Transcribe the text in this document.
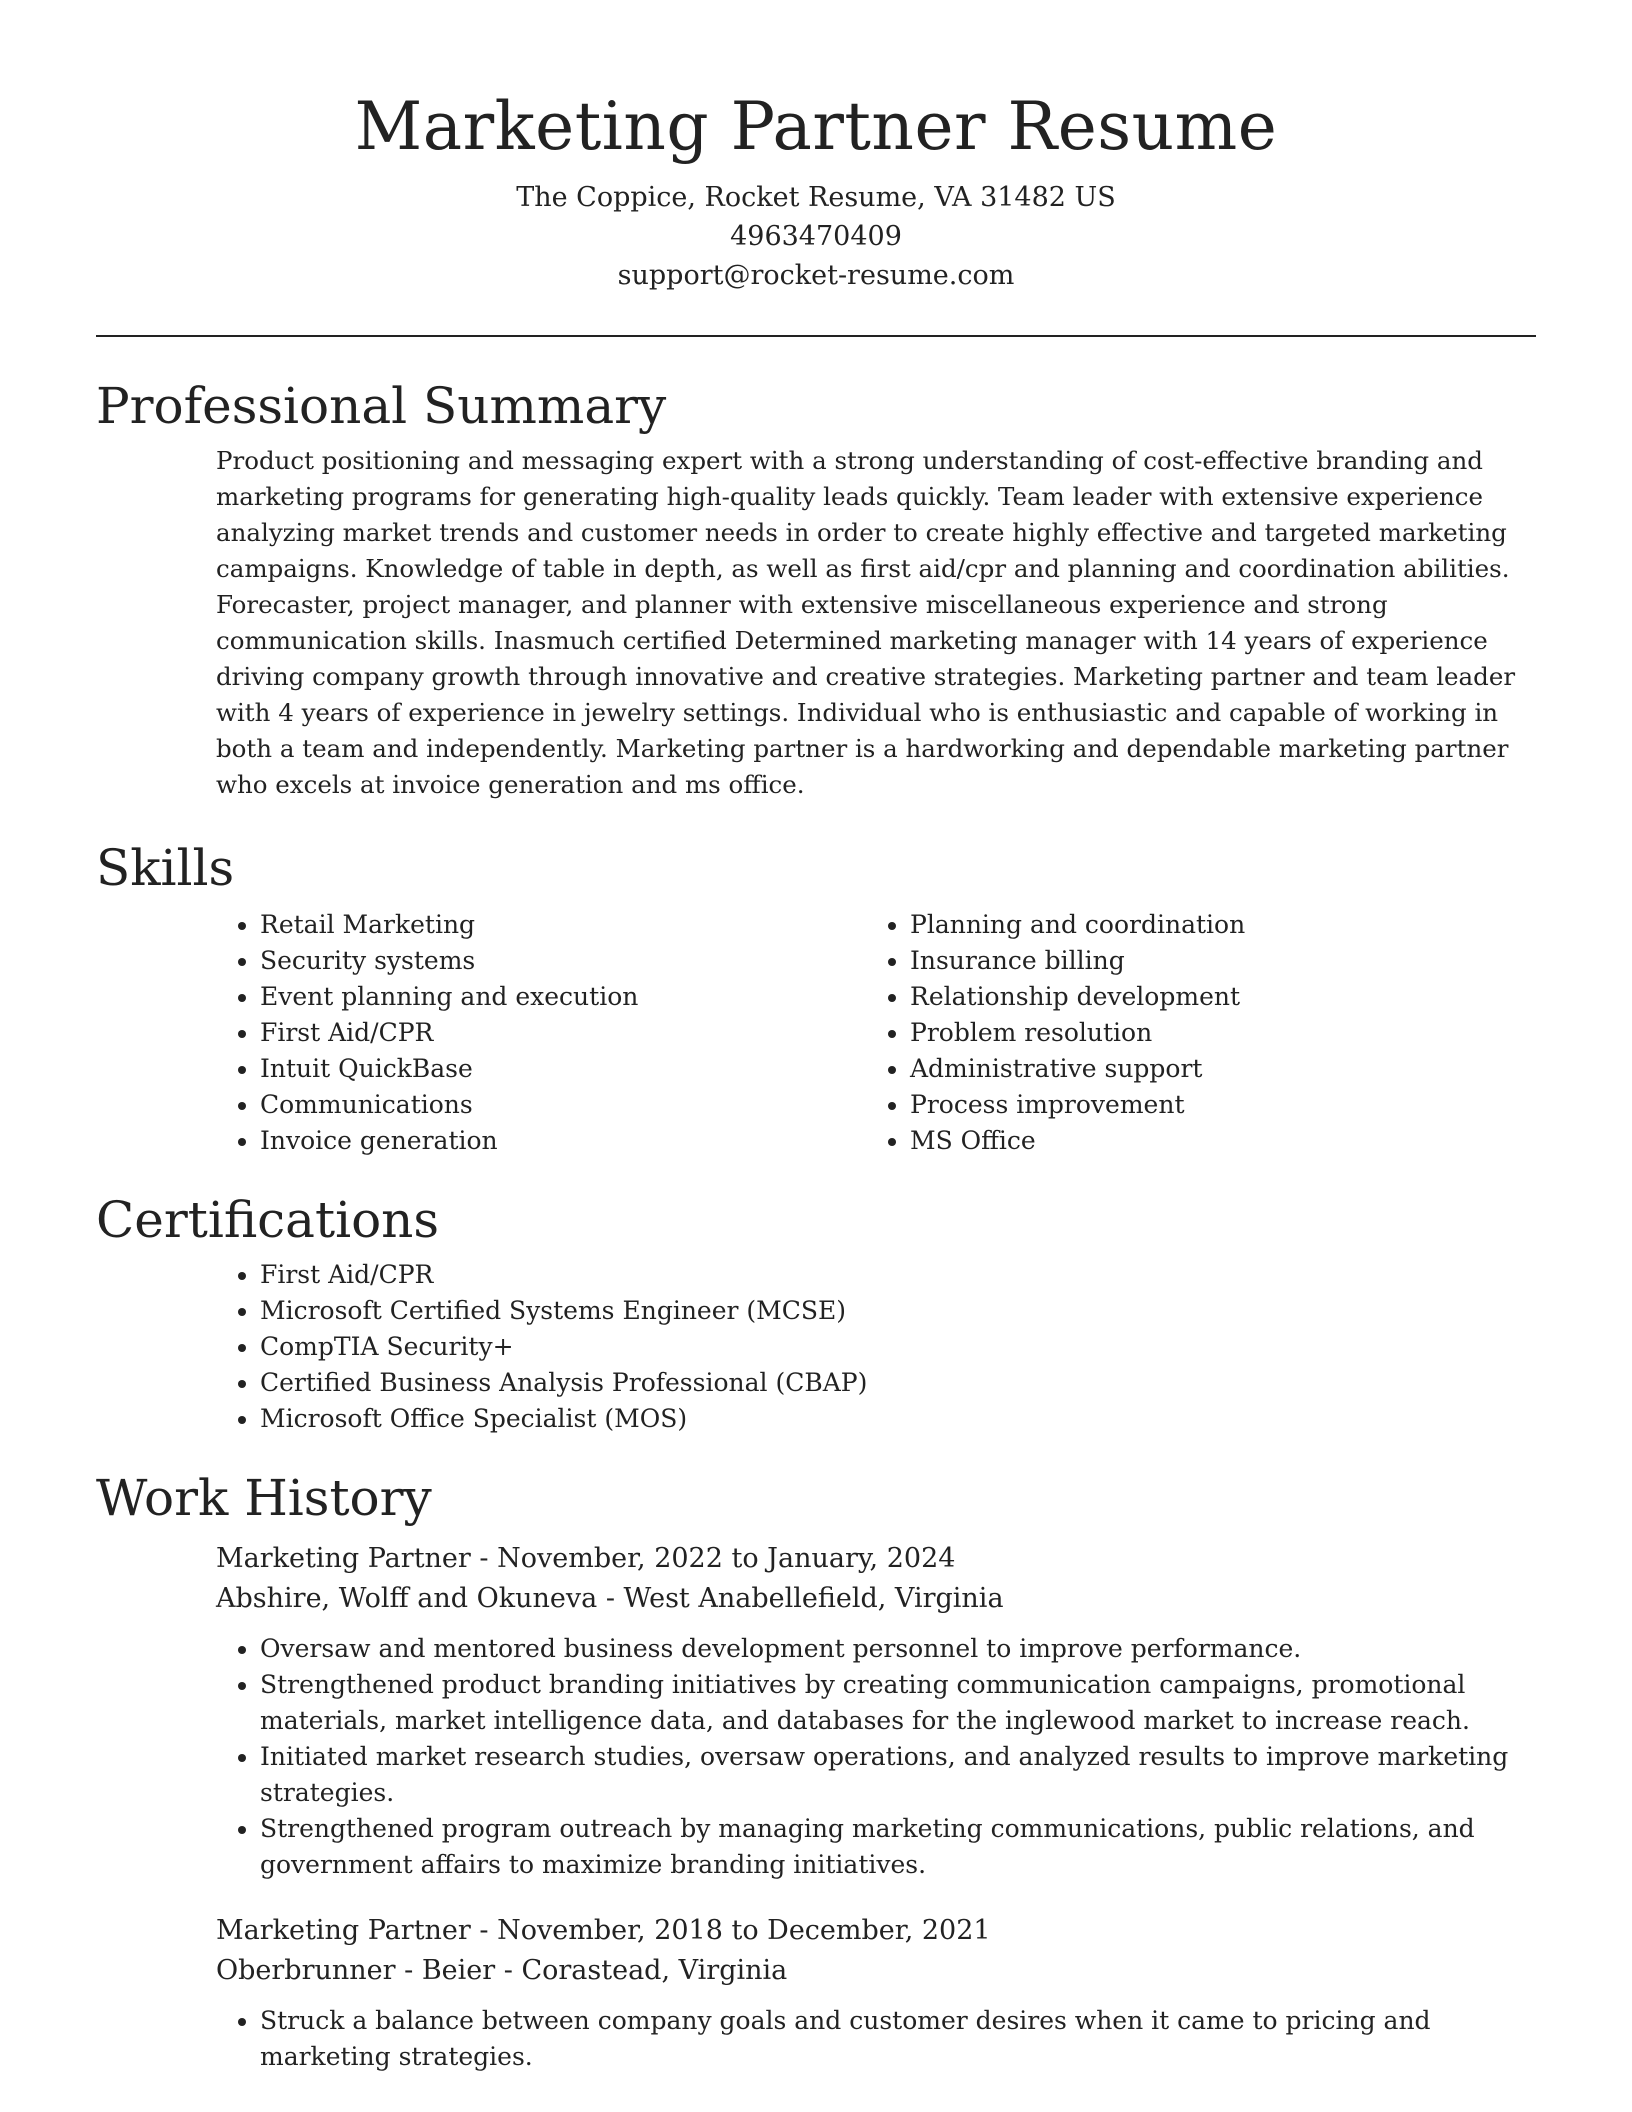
Marketing Partner Resume
The Coppice, Rocket Resume, VA 31482 US
4963470409
support@rocket-resume.com
Professional Summary

Product positioning and messaging expert with a strong understanding of cost-effective branding and marketing programs for generating high-quality leads quickly. Team leader with extensive experience analyzing market trends and customer needs in order to create highly effective and targeted marketing campaigns. Knowledge of table in depth, as well as first aid/cpr and planning and coordination abilities. Forecaster, project manager, and planner with extensive miscellaneous experience and strong communication skills. Inasmuch certified Determined marketing manager with 14 years of experience driving company growth through innovative and creative strategies. Marketing partner and team leader with 4 years of experience in jewelry settings. Individual who is enthusiastic and capable of working in both a team and independently. Marketing partner is a hardworking and dependable marketing partner who excels at invoice generation and ms office.

Skills
• Retail Marketing
• Security systems
• Event planning and execution
• First Aid/CPR
• Intuit QuickBase
• Communications
• Invoice generation
• Planning and coordination
• Insurance billing
• Relationship development
• Problem resolution
• Administrative support
• Process improvement
• MS Office
Certifications
• First Aid/CPR
• Microsoft Certified Systems Engineer (MCSE)
• CompTIA Security+
• Certified Business Analysis Professional (CBAP)
• Microsoft Office Specialist (MOS)
Work History
Marketing Partner - November, 2022 to January, 2024
Abshire, Wolff and Okuneva - West Anabellefield, Virginia
• Oversaw and mentored business development personnel to improve performance.
• Strengthened product branding initiatives by creating communication campaigns, promotional materials, market intelligence data, and databases for the inglewood market to increase reach.
• Initiated market research studies, oversaw operations, and analyzed results to improve marketing strategies.
• Strengthened program outreach by managing marketing communications, public relations, and government affairs to maximize branding initiatives.
Marketing Partner - November, 2018 to December, 2021
Oberbrunner - Beier - Corastead, Virginia
• Struck a balance between company goals and customer desires when it came to pricing and marketing strategies.
